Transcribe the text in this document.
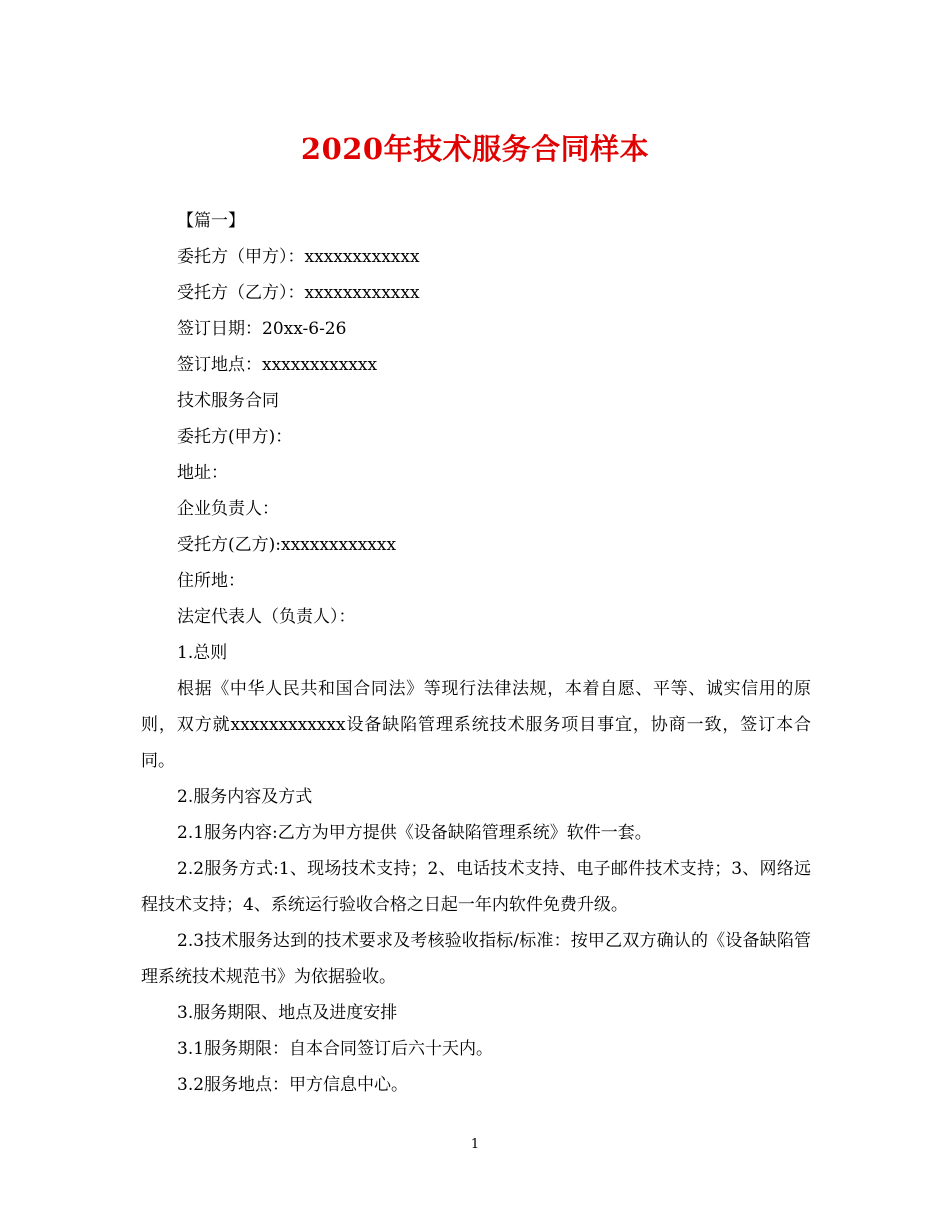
2020年技术服务合同样本

【篇一】

委托方（甲方）：xxxxxxxxxxxx

受托方（乙方）：xxxxxxxxxxxx

签订日期：20xx-6-26

签订地点：xxxxxxxxxxxx

技术服务合同

委托方(甲方)：

地址：

企业负责人：

受托方(乙方):xxxxxxxxxxxx

住所地：

法定代表人（负责人）：

1.总则

根据《中华人民共和国合同法》等现行法律法规，本着自愿、平等、诚实信用的原则，双方就xxxxxxxxxxxx设备缺陷管理系统技术服务项目事宜，协商一致，签订本合同。

2.服务内容及方式

2.1服务内容:乙方为甲方提供《设备缺陷管理系统》软件一套。

2.2服务方式:1、现场技术支持；2、电话技术支持、电子邮件技术支持；3、网络远程技术支持；4、系统运行验收合格之日起一年内软件免费升级。

2.3技术服务达到的技术要求及考核验收指标/标准：按甲乙双方确认的《设备缺陷管理系统技术规范书》为依据验收。

3.服务期限、地点及进度安排

3.1服务期限：自本合同签订后六十天内。

3.2服务地点：甲方信息中心。

1
